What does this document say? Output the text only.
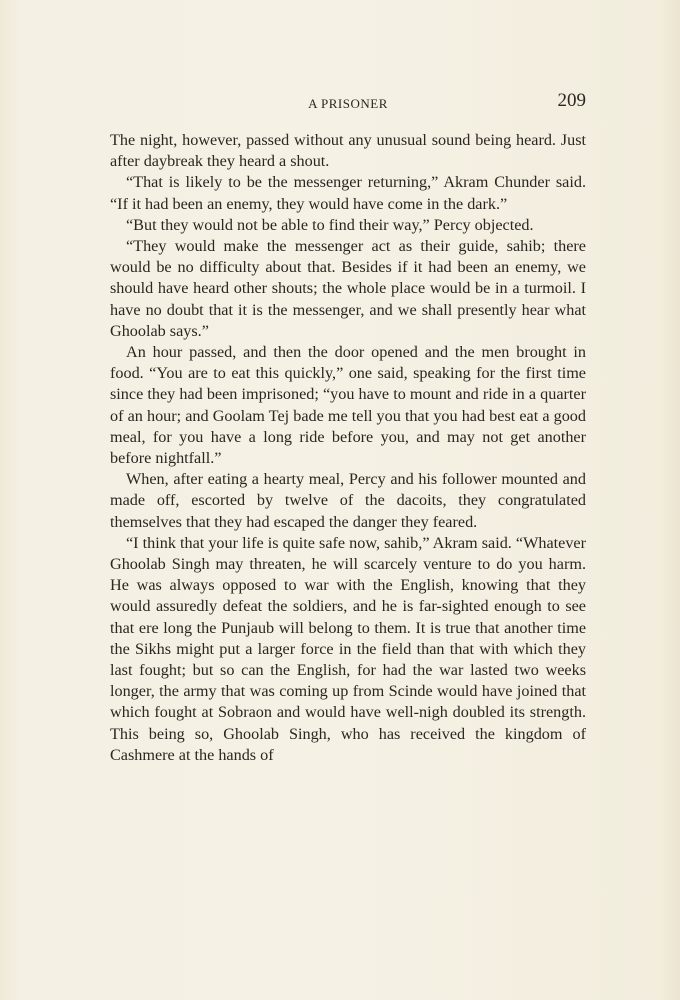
A PRISONER	209

The night, however, passed without any unusual sound being heard. Just after daybreak they heard a shout.

“That is likely to be the messenger returning,” Akram Chunder said. “If it had been an enemy, they would have come in the dark.”

“But they would not be able to find their way,” Percy objected.

“They would make the messenger act as their guide, sahib; there would be no difficulty about that. Besides if it had been an enemy, we should have heard other shouts; the whole place would be in a turmoil. I have no doubt that it is the messenger, and we shall presently hear what Ghoolab says.”

An hour passed, and then the door opened and the men brought in food. “You are to eat this quickly,” one said, speaking for the first time since they had been imprisoned; “you have to mount and ride in a quarter of an hour; and Goolam Tej bade me tell you that you had best eat a good meal, for you have a long ride before you, and may not get another before nightfall.”

When, after eating a hearty meal, Percy and his follower mounted and made off, escorted by twelve of the dacoits, they congratulated themselves that they had escaped the danger they feared.

“I think that your life is quite safe now, sahib,” Akram said. “Whatever Ghoolab Singh may threaten, he will scarcely venture to do you harm. He was always opposed to war with the English, knowing that they would assuredly defeat the soldiers, and he is far-sighted enough to see that ere long the Punjaub will belong to them. It is true that another time the Sikhs might put a larger force in the field than that with which they last fought; but so can the English, for had the war lasted two weeks longer, the army that was coming up from Scinde would have joined that which fought at Sobraon and would have well-nigh doubled its strength. This being so, Ghoolab Singh, who has received the kingdom of Cashmere at the hands of
